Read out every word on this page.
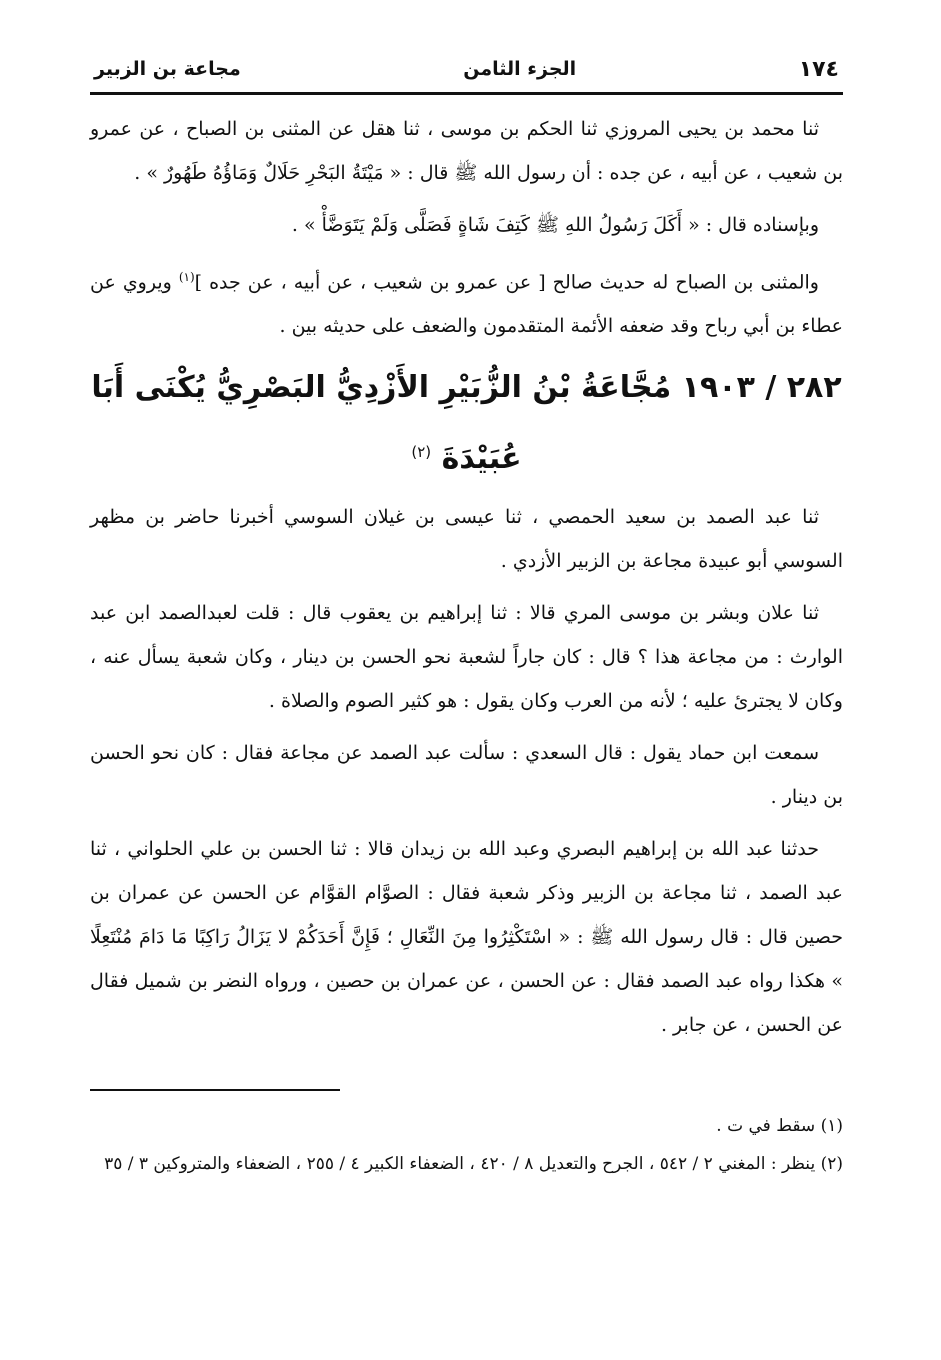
١٧٤
الجزء الثامن
مجاعة بن الزبير

ثنا محمد بن يحيى المروزي ثنا الحكم بن موسى ، ثنا هقل عن المثنى بن الصباح ، عن عمرو بن شعيب ، عن أبيه ، عن جده : أن رسول الله ﷺ قال : « مَيْتَةُ البَحْرِ حَلَالٌ وَمَاؤُهُ طَهُورٌ » .

وبإسناده قال : « أَكَلَ رَسُولُ اللهِ ﷺ كَتِفَ شَاةٍ فَصَلَّى وَلَمْ يَتَوَضَّأْ » .

والمثنى بن الصباح له حديث صالح [ عن عمرو بن شعيب ، عن أبيه ، عن جده ]$^{(١)}$ ويروي عن عطاء بن أبي رباح وقد ضعفه الأئمة المتقدمون والضعف على حديثه بين .

٢٨٢ / ١٩٠٣ مُجَّاعَةُ بْنُ الزُّبَيْرِ الأَزْدِيُّ البَصْرِيُّ يُكْنَى أَبَا عُبَيْدَةَ $^{(٢)}$

ثنا عبد الصمد بن سعيد الحمصي ، ثنا عيسى بن غيلان السوسي أخبرنا حاضر بن مظهر السوسي أبو عبيدة مجاعة بن الزبير الأزدي .

ثنا علان وبشر بن موسى المري قالا : ثنا إبراهيم بن يعقوب قال : قلت لعبدالصمد ابن عبد الوارث : من مجاعة هذا ؟ قال : كان جاراً لشعبة نحو الحسن بن دينار ، وكان شعبة يسأل عنه ، وكان لا يجترئ عليه ؛ لأنه من العرب وكان يقول : هو كثير الصوم والصلاة .

سمعت ابن حماد يقول : قال السعدي : سألت عبد الصمد عن مجاعة فقال : كان نحو الحسن بن دينار .

حدثنا عبد الله بن إبراهيم البصري وعبد الله بن زيدان قالا : ثنا الحسن بن علي الحلواني ، ثنا عبد الصمد ، ثنا مجاعة بن الزبير وذكر شعبة فقال : الصوَّام القوَّام عن الحسن عن عمران بن حصين قال : قال رسول الله ﷺ : « اسْتَكْثِرُوا مِنَ النِّعَالِ ؛ فَإِنَّ أَحَدَكُمْ لا يَزَالُ رَاكِبًا مَا دَامَ مُنْتَعِلًا » هكذا رواه عبد الصمد فقال : عن الحسن ، عن عمران بن حصين ، ورواه النضر بن شميل فقال عن الحسن ، عن جابر .

(١) سقط في ت .

(٢) ينظر : المغني ٢ / ٥٤٢ ، الجرح والتعديل ٨ / ٤٢٠ ، الضعفاء الكبير ٤ / ٢٥٥ ، الضعفاء والمتروكين ٣ / ٣٥
